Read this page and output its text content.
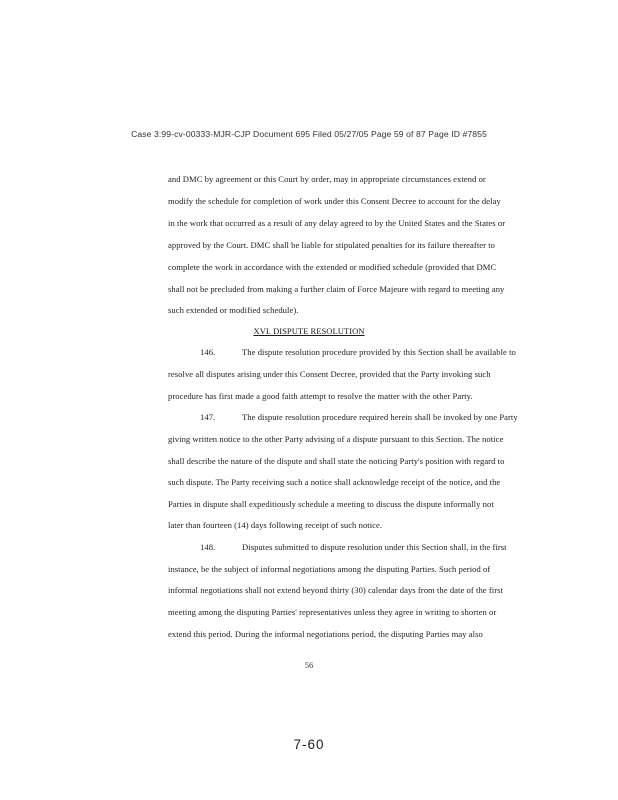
Case 3:99-cv-00333-MJR-CJP Document 695 Filed 05/27/05 Page 59 of 87 Page ID #7855
and DMC by agreement or this Court by order, may in appropriate circumstances extend or
modify the schedule for completion of work under this Consent Decree to account for the delay
in the work that occurred as a result of any delay agreed to by the United States and the States or
approved by the Court. DMC shall be liable for stipulated penalties for its failure thereafter to
complete the work in accordance with the extended or modified schedule (provided that DMC
shall not be precluded from making a further claim of Force Majeure with regard to meeting any
such extended or modified schedule).
XVI. DISPUTE RESOLUTION
146.	The dispute resolution procedure provided by this Section shall be available to
resolve all disputes arising under this Consent Decree, provided that the Party invoking such
procedure has first made a good faith attempt to resolve the matter with the other Party.
147.	The dispute resolution procedure required herein shall be invoked by one Party
giving written notice to the other Party advising of a dispute pursuant to this Section. The notice
shall describe the nature of the dispute and shall state the noticing Party's position with regard to
such dispute. The Party receiving such a notice shall acknowledge receipt of the notice, and the
Parties in dispute shall expeditiously schedule a meeting to discuss the dispute informally not
later than fourteen (14) days following receipt of such notice.
148.	Disputes submitted to dispute resolution under this Section shall, in the first
instance, be the subject of informal negotiations among the disputing Parties. Such period of
informal negotiations shall not extend beyond thirty (30) calendar days from the date of the first
meeting among the disputing Parties' representatives unless they agree in writing to shorten or
extend this period. During the informal negotiations period, the disputing Parties may also
56
7-60
